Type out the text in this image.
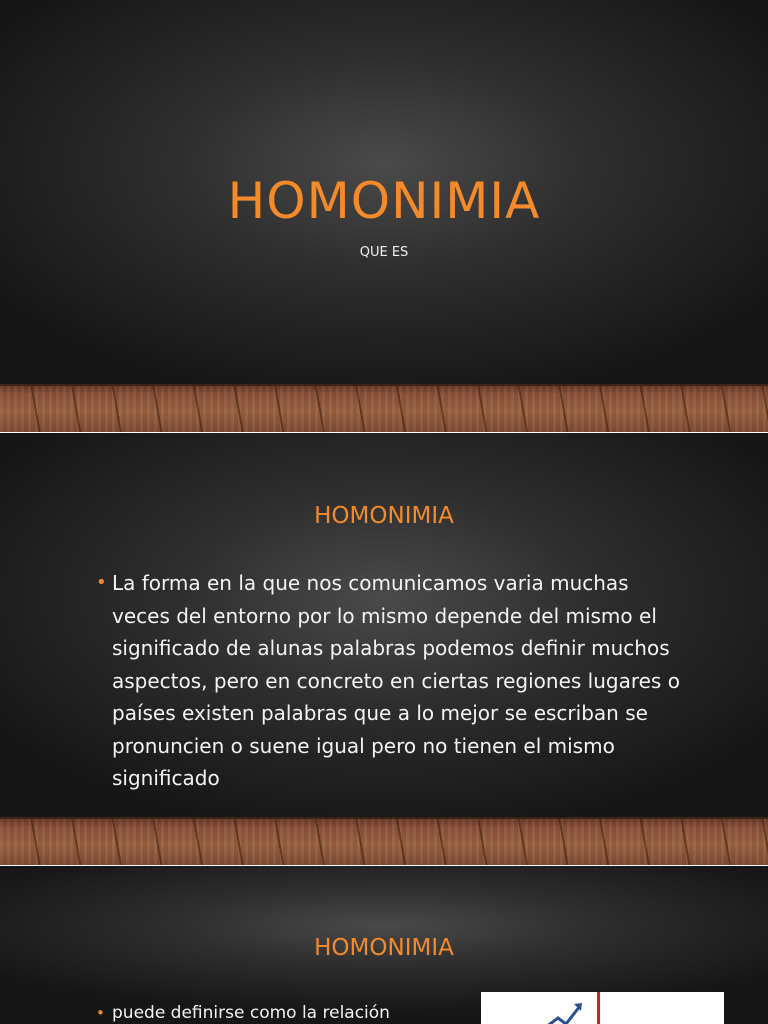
HOMONIMIA
QUE ES
HOMONIMIA
• La forma en la que nos comunicamos varia muchas veces del entorno por lo mismo depende del mismo el significado de alunas palabras podemos definir muchos aspectos, pero en concreto en ciertas regiones lugares o países existen palabras que a lo mejor se escriban se pronuncien o suene igual pero no tienen el mismo significado
HOMONIMIA
• puede definirse como la relación
